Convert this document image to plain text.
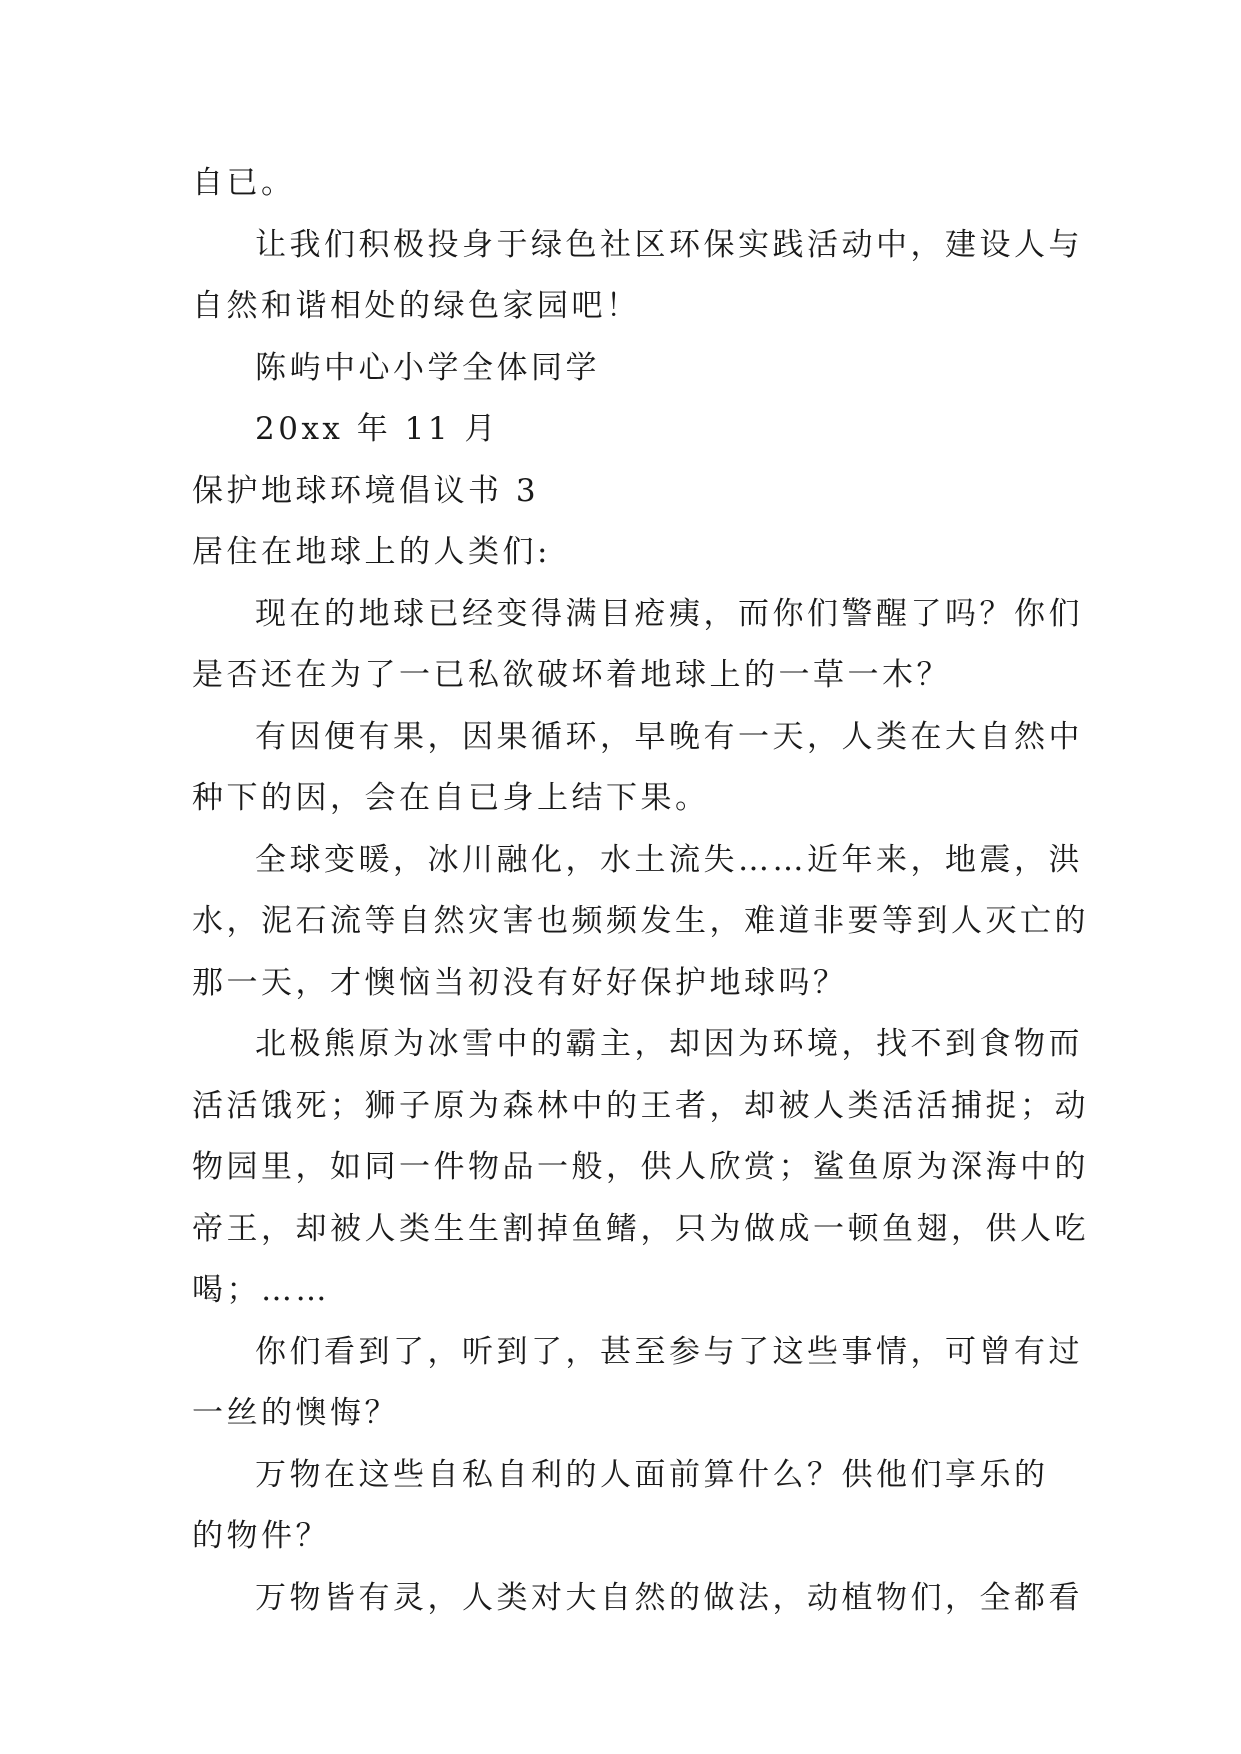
自已。
让我们积极投身于绿色社区环保实践活动中，建设人与
自然和谐相处的绿色家园吧！
陈屿中心小学全体同学
20xx 年 11 月
保护地球环境倡议书 3
居住在地球上的人类们:
现在的地球已经变得满目疮痍，而你们警醒了吗？你们
是否还在为了一已私欲破坏着地球上的一草一木？
有因便有果，因果循环，早晚有一天，人类在大自然中
种下的因，会在自已身上结下果。
全球变暖，冰川融化，水土流失……近年来，地震，洪
水，泥石流等自然灾害也频频发生，难道非要等到人灭亡的
那一天，才懊恼当初没有好好保护地球吗？
北极熊原为冰雪中的霸主，却因为环境，找不到食物而
活活饿死；狮子原为森林中的王者，却被人类活活捕捉；动
物园里，如同一件物品一般，供人欣赏；鲨鱼原为深海中的
帝王，却被人类生生割掉鱼鳍，只为做成一顿鱼翅，供人吃
喝；……
你们看到了，听到了，甚至参与了这些事情，可曾有过
一丝的懊悔？
万物在这些自私自利的人面前算什么？供他们享乐的
的物件？
万物皆有灵，人类对大自然的做法，动植物们，全都看
